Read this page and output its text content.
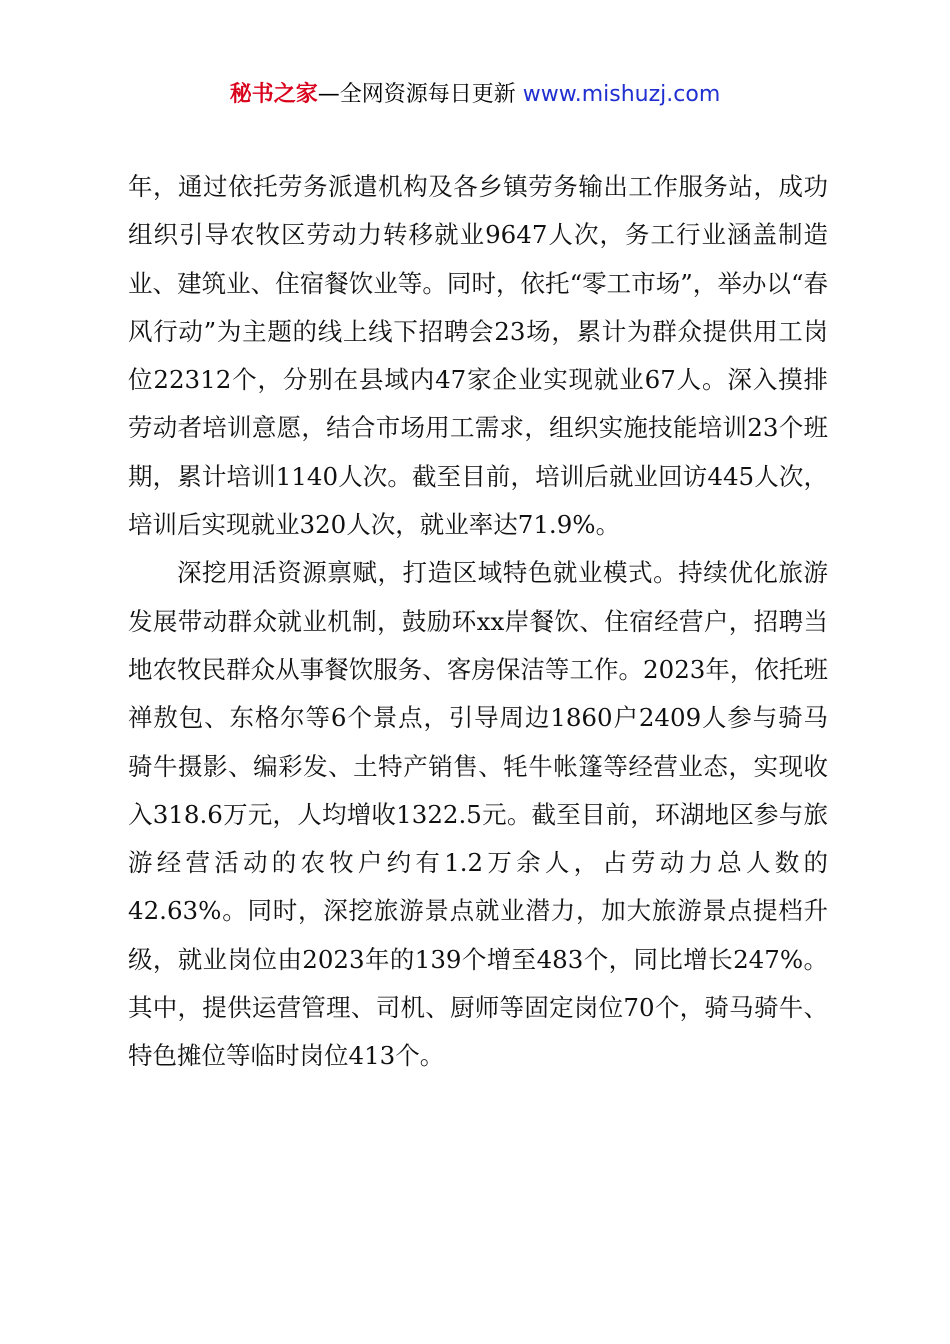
秘书之家—全网资源每日更新 www.mishuzj.com

年，通过依托劳务派遣机构及各乡镇劳务输出工作服务站，成功组织引导农牧区劳动力转移就业9647人次，务工行业涵盖制造业、建筑业、住宿餐饮业等。同时，依托“零工市场”，举办以“春风行动”为主题的线上线下招聘会23场，累计为群众提供用工岗位22312个，分别在县域内47家企业实现就业67人。深入摸排劳动者培训意愿，结合市场用工需求，组织实施技能培训23个班期，累计培训1140人次。截至目前，培训后就业回访445人次，培训后实现就业320人次，就业率达71.9%。

深挖用活资源禀赋，打造区域特色就业模式。持续优化旅游发展带动群众就业机制，鼓励环xx岸餐饮、住宿经营户，招聘当地农牧民群众从事餐饮服务、客房保洁等工作。2023年，依托班禅敖包、东格尔等6个景点，引导周边1860户2409人参与骑马骑牛摄影、编彩发、土特产销售、牦牛帐篷等经营业态，实现收入318.6万元，人均增收1322.5元。截至目前，环湖地区参与旅游经营活动的农牧户约有1.2万余人，占劳动力总人数的42.63%。同时，深挖旅游景点就业潜力，加大旅游景点提档升级，就业岗位由2023年的139个增至483个，同比增长247%。其中，提供运营管理、司机、厨师等固定岗位70个，骑马骑牛、特色摊位等临时岗位413个。
